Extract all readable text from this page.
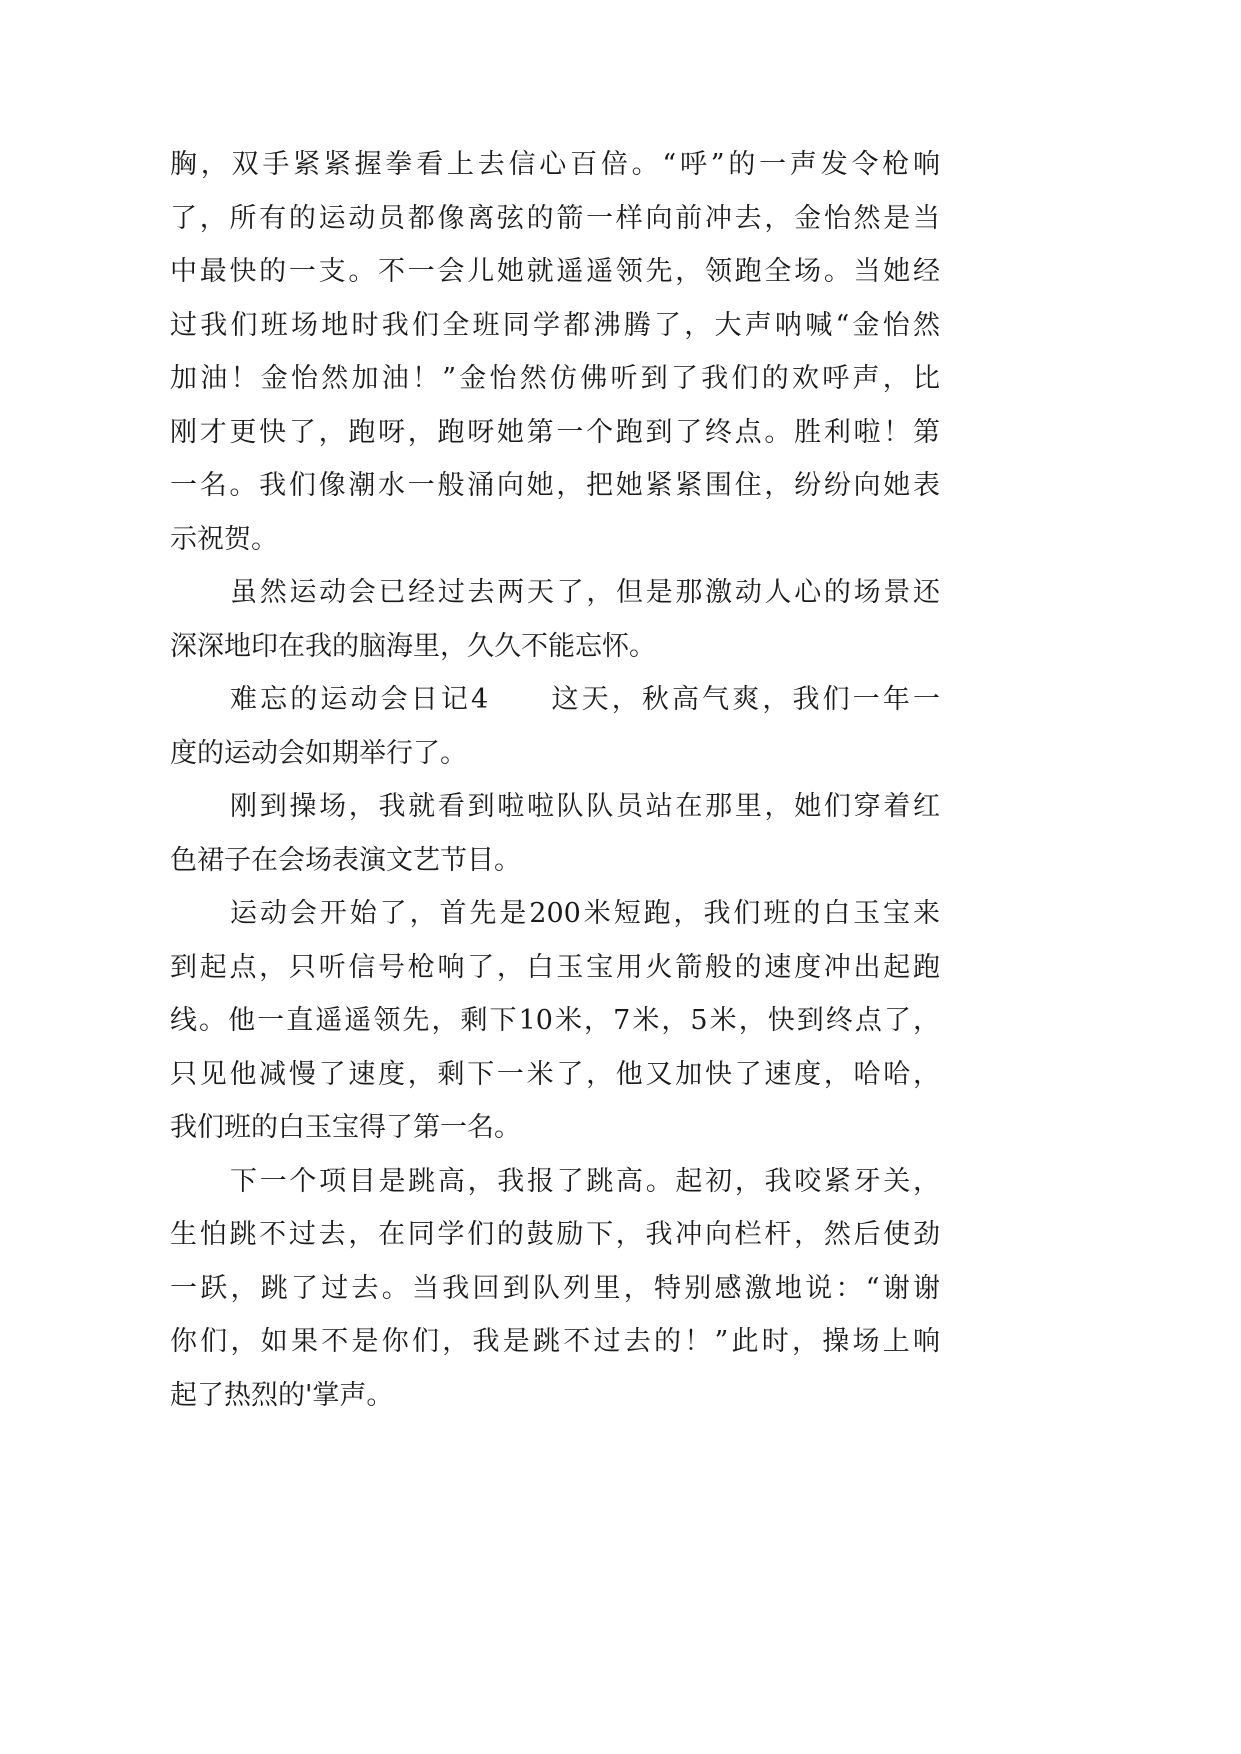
胸，双手紧紧握拳看上去信心百倍。“呼”的一声发令枪响
了，所有的运动员都像离弦的箭一样向前冲去，金怡然是当
中最快的一支。不一会儿她就遥遥领先，领跑全场。当她经
过我们班场地时我们全班同学都沸腾了，大声呐喊“金怡然
加油！金怡然加油！”金怡然仿佛听到了我们的欢呼声，比
刚才更快了，跑呀，跑呀她第一个跑到了终点。胜利啦！第
一名。我们像潮水一般涌向她，把她紧紧围住，纷纷向她表
示祝贺。
虽然运动会已经过去两天了，但是那激动人心的场景还
深深地印在我的脑海里，久久不能忘怀。
难忘的运动会日记4　　这天，秋高气爽，我们一年一
度的运动会如期举行了。
刚到操场，我就看到啦啦队队员站在那里，她们穿着红
色裙子在会场表演文艺节目。
运动会开始了，首先是200米短跑，我们班的白玉宝来
到起点，只听信号枪响了，白玉宝用火箭般的速度冲出起跑
线。他一直遥遥领先，剩下10米，7米，5米，快到终点了，
只见他减慢了速度，剩下一米了，他又加快了速度，哈哈，
我们班的白玉宝得了第一名。
下一个项目是跳高，我报了跳高。起初，我咬紧牙关，
生怕跳不过去，在同学们的鼓励下，我冲向栏杆，然后使劲
一跃，跳了过去。当我回到队列里，特别感激地说：“谢谢
你们，如果不是你们，我是跳不过去的！”此时，操场上响
起了热烈的'掌声。
